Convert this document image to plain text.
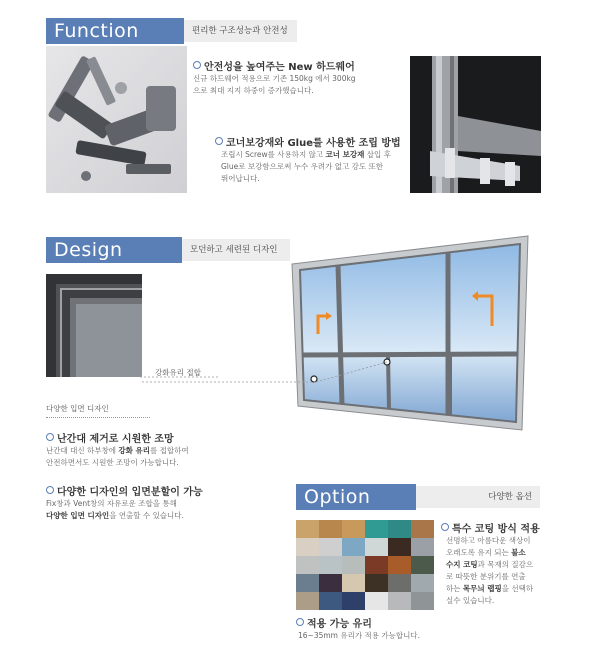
Function	편리한 구조성능과 안전성
안전성을 높여주는 New 하드웨어
신규 하드웨어 적용으로 기존 150kg 에서 300kg
으로 최대 지지 하중이 증가했습니다.
코너보강재와 Glue를 사용한 조립 방법
조립시 Screw를 사용하지 않고 코너 보강재 삽입 후
Glue로 보강함으로써 누수 우려가 없고 강도 또한
뛰어납니다.
Design	모던하고 세련된 디자인
강화유리 접합
다양한 입면 디자인
난간대 제거로 시원한 조망
난간대 대신 하부창에 강화 유리를 접합하여
안전하면서도 시원한 조망이 가능합니다.
다양한 디자인의 입면분할이 가능
Fix창과 Vent창의 자유로운 조합을 통해
다양한 입면 디자인을 연출할 수 있습니다.
Option	다양한 옵션
특수 코팅 방식 적용
선명하고 아름다운 색상이
오래도록 유지 되는 불소
수지 코팅과 목재의 질감으
로 따뜻한 분위기를 연출
하는 목무늬 랩핑을 선택하
실수 있습니다.
적용 가능 유리
16~35mm 유리가 적용 가능합니다.
